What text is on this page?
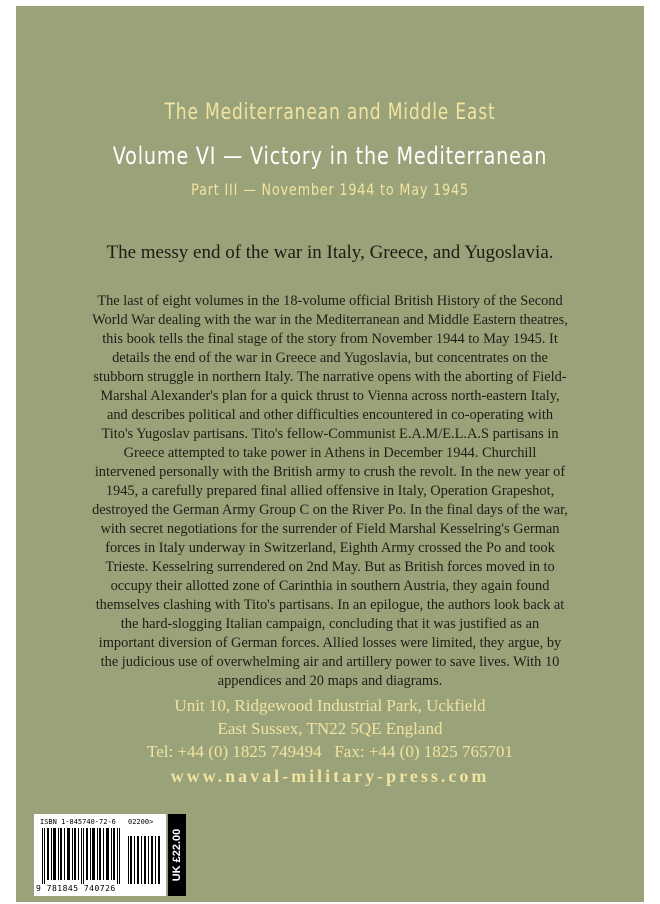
The Mediterranean and Middle East
Volume VI — Victory in the Mediterranean
Part III — November 1944 to May 1945
The messy end of the war in Italy, Greece, and Yugoslavia.

The last of eight volumes in the 18-volume official British History of the Second World War dealing with the war in the Mediterranean and Middle Eastern theatres, this book tells the final stage of the story from November 1944 to May 1945. It details the end of the war in Greece and Yugoslavia, but concentrates on the stubborn struggle in northern Italy. The narrative opens with the aborting of Field-Marshal Alexander's plan for a quick thrust to Vienna across north-eastern Italy, and describes political and other difficulties encountered in co-operating with Tito's Yugoslav partisans. Tito's fellow-Communist E.A.M/E.L.A.S partisans in Greece attempted to take power in Athens in December 1944. Churchill intervened personally with the British army to crush the revolt. In the new year of 1945, a carefully prepared final allied offensive in Italy, Operation Grapeshot, destroyed the German Army Group C on the River Po. In the final days of the war, with secret negotiations for the surrender of Field Marshal Kesselring's German forces in Italy underway in Switzerland, Eighth Army crossed the Po and took Trieste. Kesselring surrendered on 2nd May. But as British forces moved in to occupy their allotted zone of Carinthia in southern Austria, they again found themselves clashing with Tito's partisans. In an epilogue, the authors look back at the hard-slogging Italian campaign, concluding that it was justified as an important diversion of German forces. Allied losses were limited, they argue, by the judicious use of overwhelming air and artillery power to save lives. With 10 appendices and 20 maps and diagrams.

Unit 10, Ridgewood Industrial Park, Uckfield
East Sussex, TN22 5QE England
Tel: +44 (0) 1825 749494   Fax: +44 (0) 1825 765701
www.naval-military-press.com
ISBN 1-845740-72-6 02200>
9 781845 740726
UK £22.00
